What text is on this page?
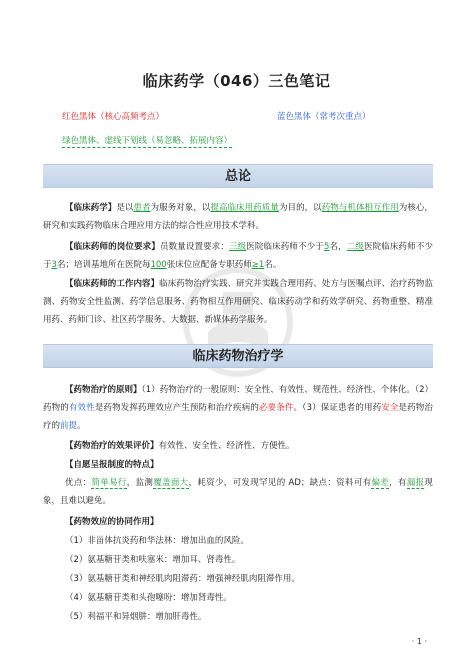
临床药学（046）三色笔记
红色黑体（核心高频考点）	蓝色黑体（常考次重点）
绿色黑体、虚线下划线（易忽略、拓展内容）
总论
【临床药学】是以患者为服务对象，以提高临床用药质量为目的，以药物与机体相互作用为核心，研究和实践药物临床合理应用方法的综合性应用技术学科。
【临床药师的岗位要求】员数量设置要求：三级医院临床药师不少于5名，二级医院临床药师不少于3名；培训基地所在医院每100张床位应配备专职药师≥1名。
【临床药师的工作内容】临床药物治疗实践、研究并实践合理用药、处方与医嘱点评、治疗药物监测、药物安全性监测、药学信息服务、药物相互作用研究、临床药动学和药效学研究、药物重整、精准用药、药师门诊、社区药学服务、大数据、新媒体药学服务。
临床药物治疗学
【药物治疗的原则】（1）药物治疗的一般原则：安全性、有效性、规范性、经济性、个体化。（2）药物的有效性是药物发挥药理效应产生预防和治疗疾病的必要条件。（3）保证患者的用药安全是药物治疗的前提。
【药物治疗的效果评价】有效性、安全性、经济性、方便性。
【自愿呈报制度的特点】
优点：简单易行，监测覆盖面大，耗资少，可发现罕见的 AD；缺点：资料可有偏差，有漏报现象，且难以避免。
【药物效应的协同作用】
（1）非甾体抗炎药和华法林：增加出血的风险。
（2）氨基糖苷类和呋塞米：增加耳、肾毒性。
（3）氨基糖苷类和神经肌肉阻滞药：增强神经肌肉阻滞作用。
（4）氨基糖苷类和头孢噻吩：增加肾毒性。
（5）利福平和异烟肼：增加肝毒性。
· 1 ·
